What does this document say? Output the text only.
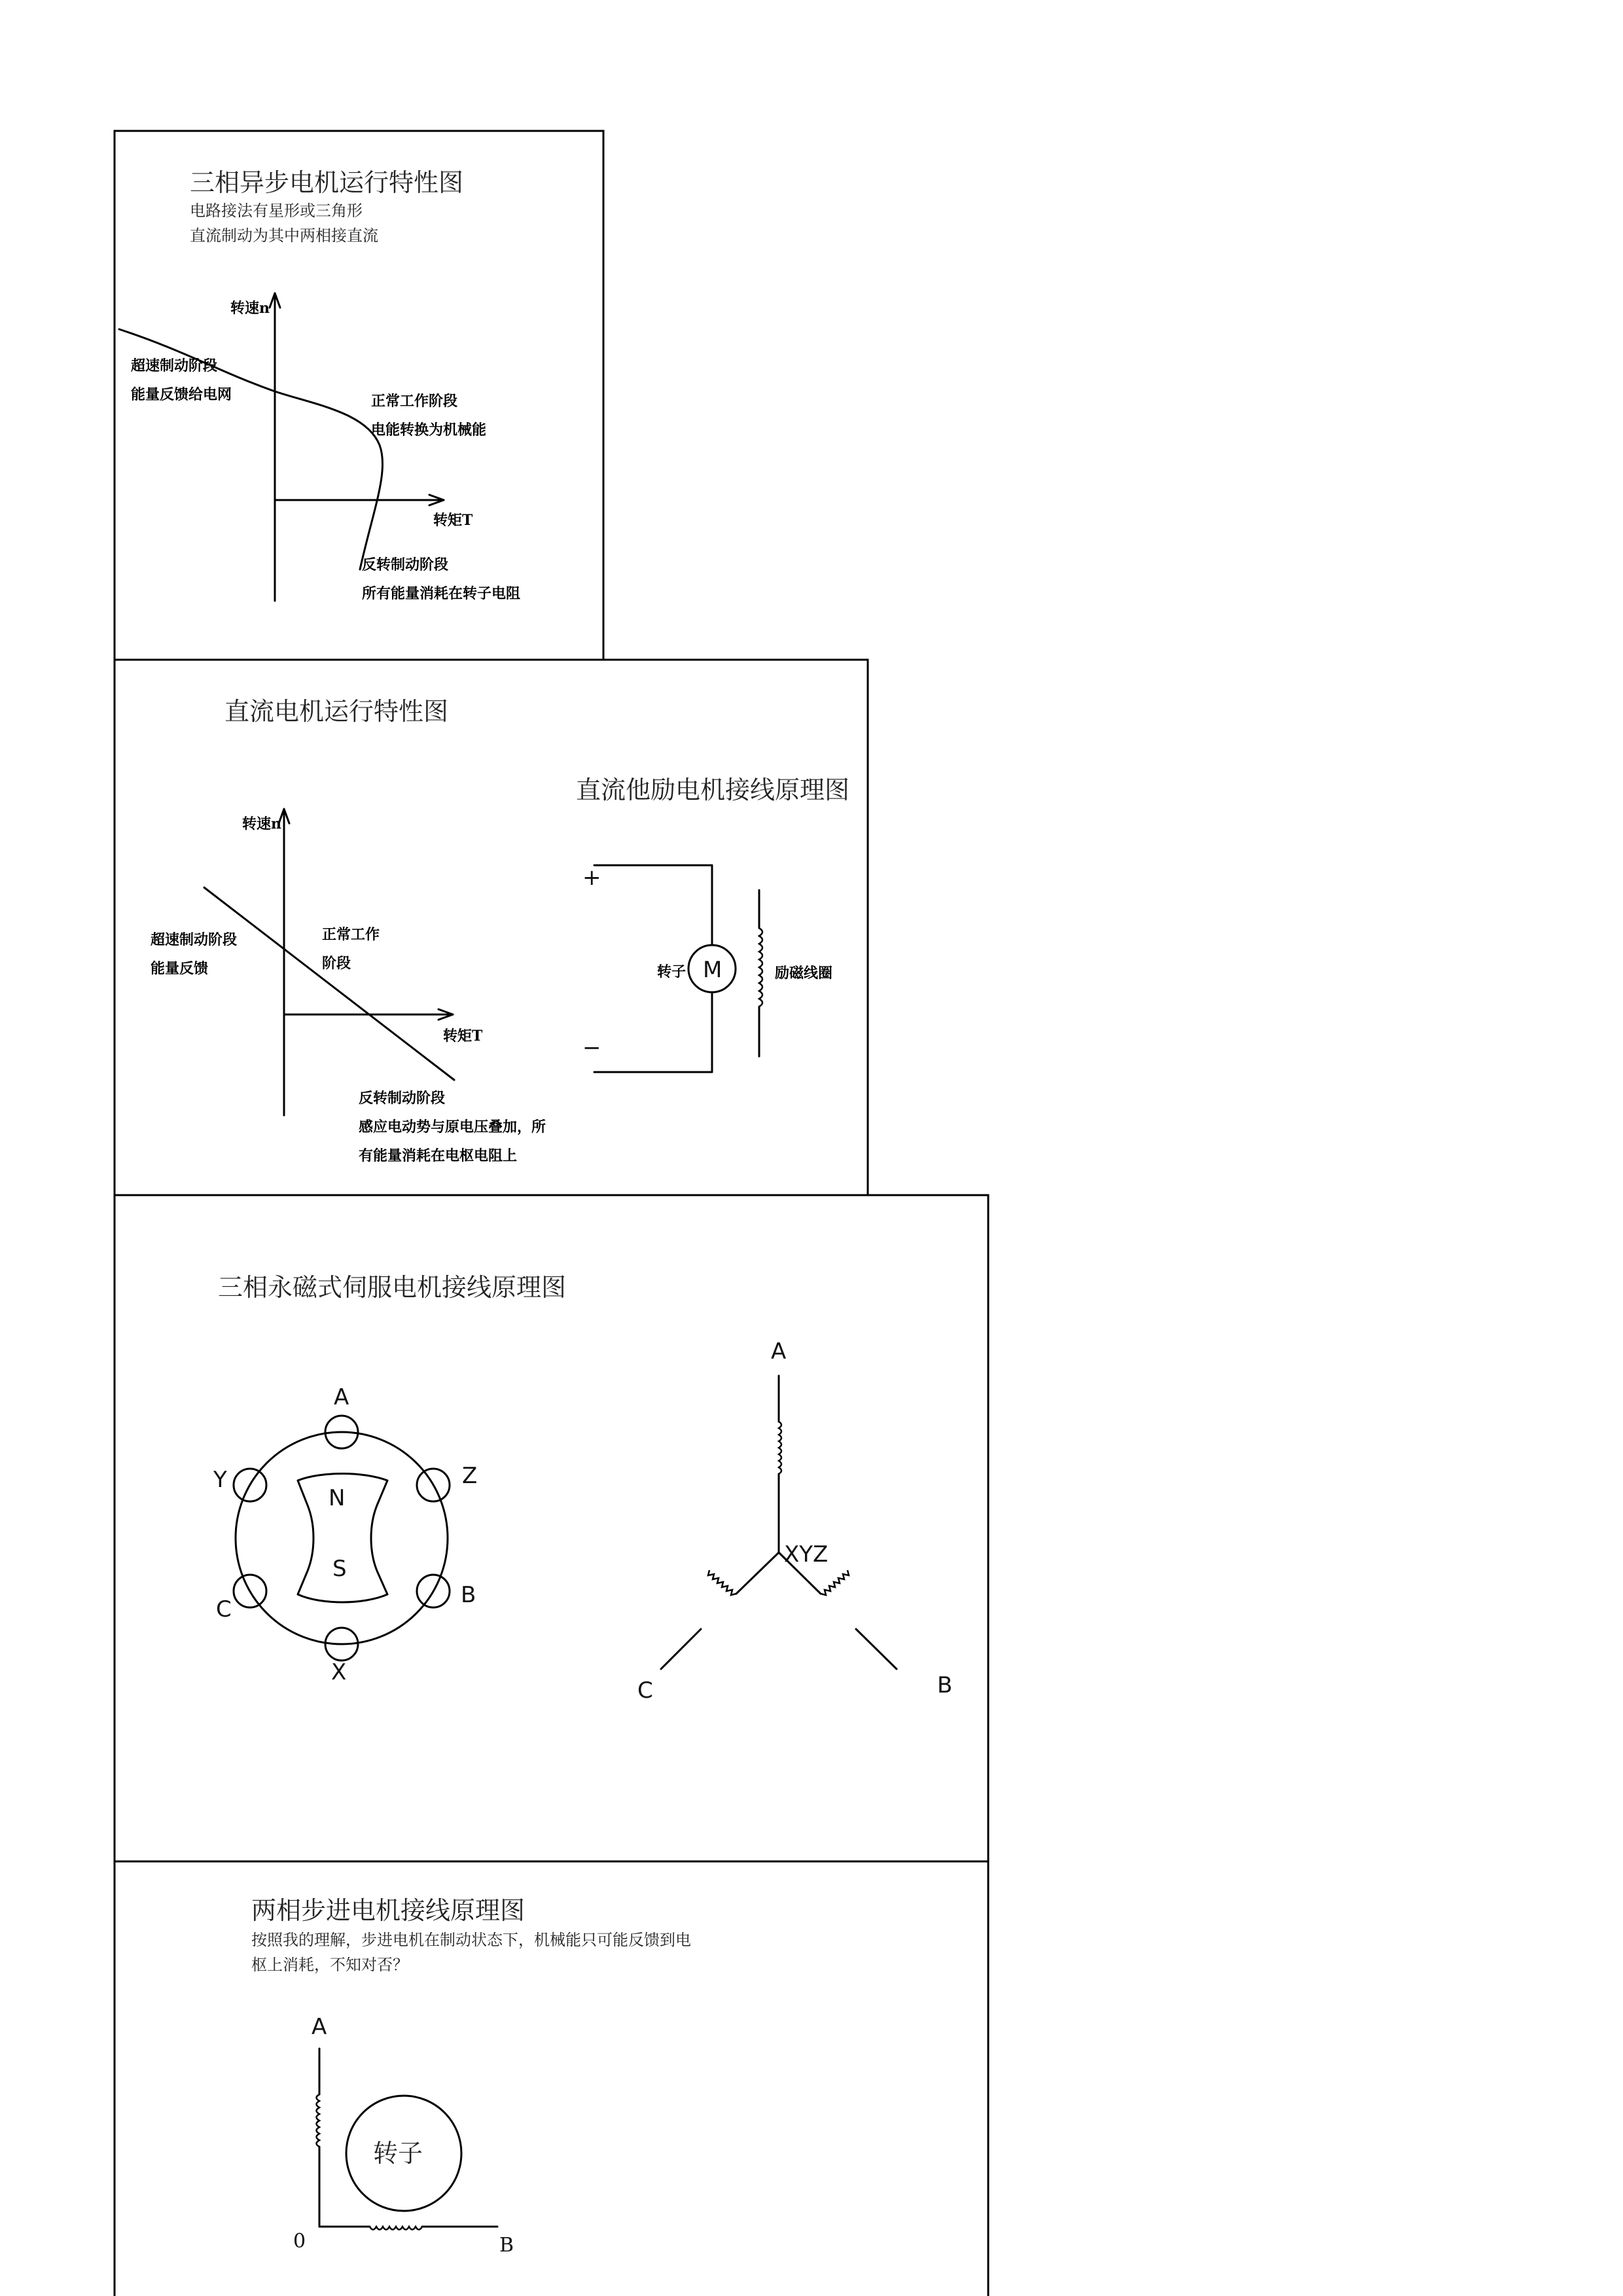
三相异步电机运行特性图
电路接法有星形或三角形
直流制动为其中两相接直流
转速n
转矩T
超速制动阶段
能量反馈给电网	正常工作阶段
电能转换为机械能
反转制动阶段
所有能量消耗在转子电阻
直流电机运行特性图
转速n
转矩T
超速制动阶段
能量反馈
正常工作
阶段
反转制动阶段
感应电动势与原电压叠加，所
有能量消耗在电枢电阻上
直流他励电机接线原理图
+
−
M
转子	励磁线圈
三相永磁式伺服电机接线原理图
A
Z
B
X
C
Y
N
S
A
XYZ
C	B
两相步进电机接线原理图
按照我的理解，步进电机在制动状态下，机械能只可能反馈到电
枢上消耗，不知对否？
A
B
0
转子
